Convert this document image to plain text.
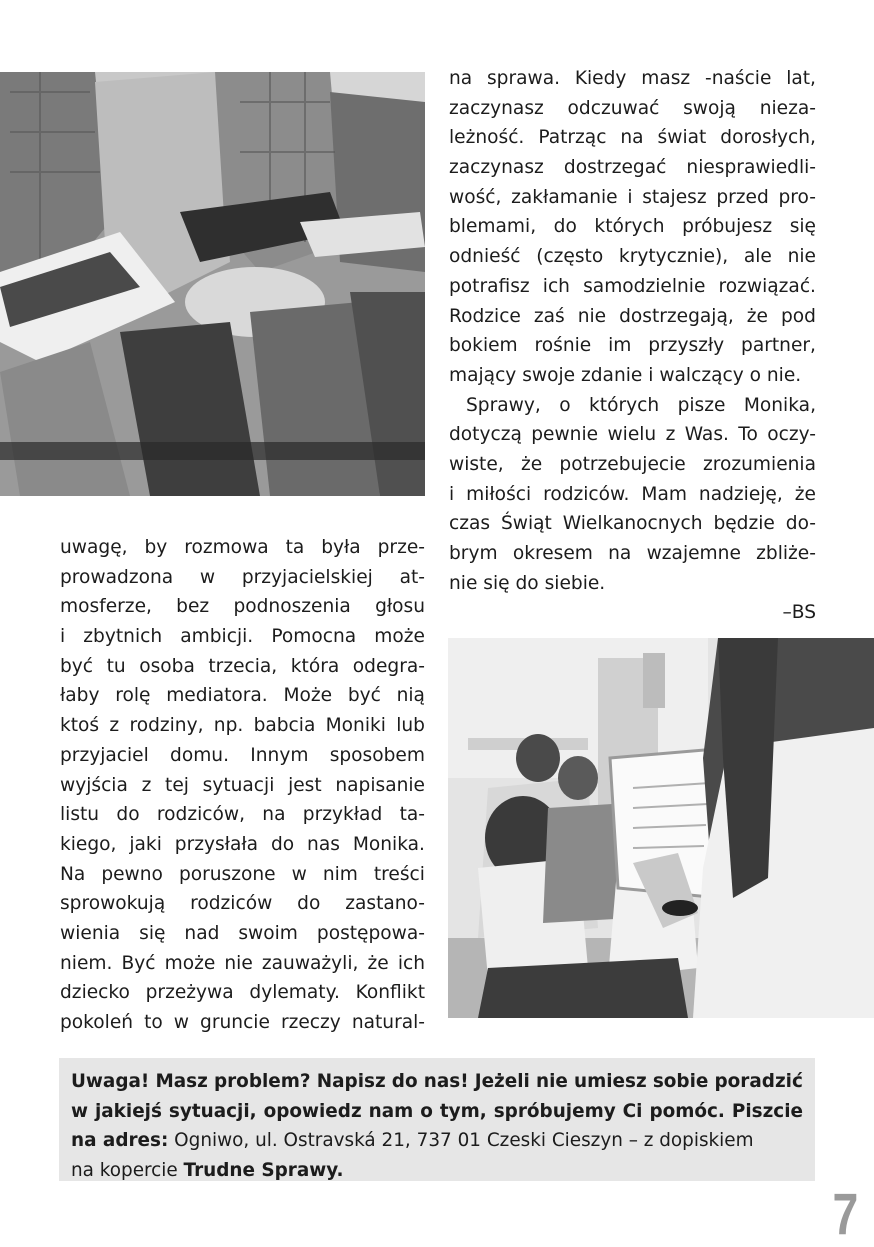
na sprawa. Kiedy masz -naście lat,
zaczynasz odczuwać swoją nieza-
leżność. Patrząc na świat dorosłych,
zaczynasz dostrzegać niesprawiedli-
wość, zakłamanie i stajesz przed pro-
blemami, do których próbujesz się
odnieść (często krytycznie), ale nie
potrafisz ich samodzielnie rozwiązać.
Rodzice zaś nie dostrzegają, że pod
bokiem rośnie im przyszły partner,
mający swoje zdanie i walczący o nie.
Sprawy, o których pisze Monika,
dotyczą pewnie wielu z Was. To oczy-
wiste, że potrzebujecie zrozumienia
i miłości rodziców. Mam nadzieję, że
czas Świąt Wielkanocnych będzie do-
brym okresem na wzajemne zbliże-
nie się do siebie.
–BS
uwagę, by rozmowa ta była prze-
prowadzona w przyjacielskiej at-
mosferze, bez podnoszenia głosu
i zbytnich ambicji. Pomocna może
być tu osoba trzecia, która odegra-
łaby rolę mediatora. Może być nią
ktoś z rodziny, np. babcia Moniki lub
przyjaciel domu. Innym sposobem
wyjścia z tej sytuacji jest napisanie
listu do rodziców, na przykład ta-
kiego, jaki przysłała do nas Monika.
Na pewno poruszone w nim treści
sprowokują rodziców do zastano-
wienia się nad swoim postępowa-
niem. Być może nie zauważyli, że ich
dziecko przeżywa dylematy. Konflikt
pokoleń to w gruncie rzeczy natural-
Uwaga! Masz problem? Napisz do nas! Jeżeli nie umiesz sobie poradzić
w jakiejś sytuacji, opowiedz nam o tym, spróbujemy Ci pomóc. Piszcie
na adres: Ogniwo, ul. Ostravská 21, 737 01 Czeski Cieszyn – z dopiskiem
na kopercie Trudne Sprawy.
7
